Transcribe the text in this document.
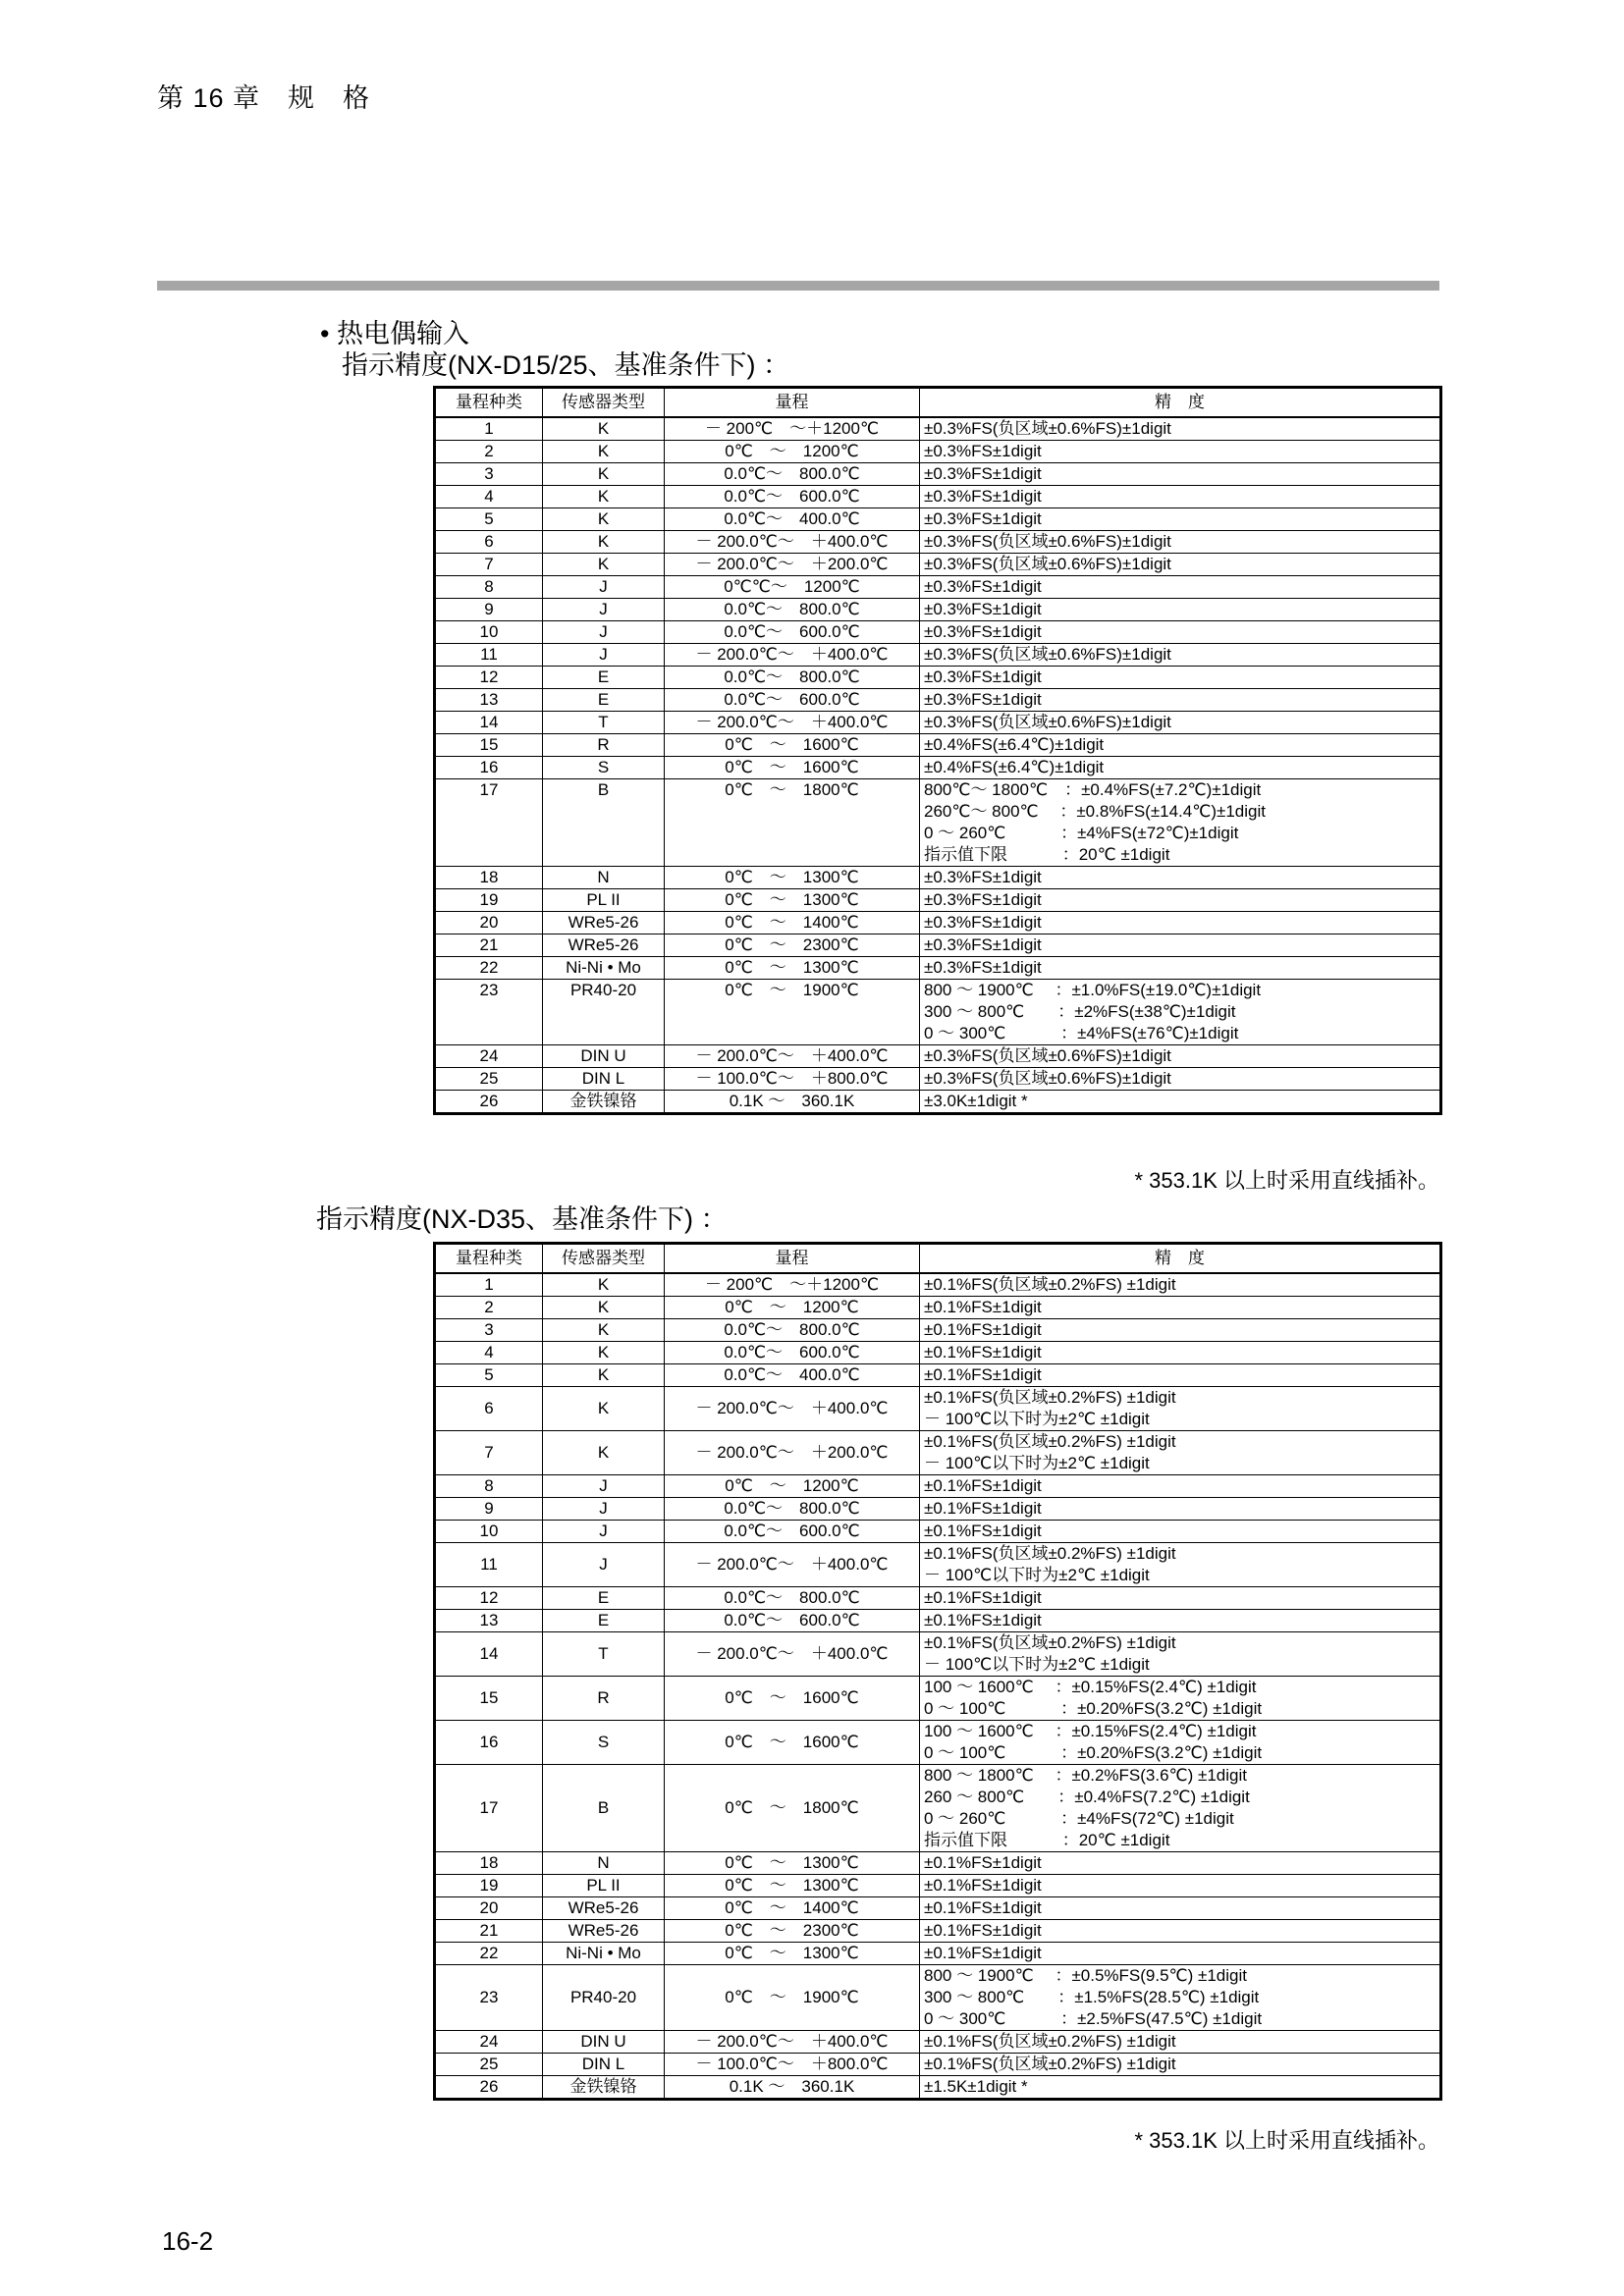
第 16 章　规　格
• 热电偶输入
指示精度(NX-D15/25、基准条件下) ：
量程种类	传感器类型	量程	精　度
1	K	－ 200℃　～＋1200℃	±0.3%FS(负区域±0.6%FS)±1digit

2	K	0℃　～　1200℃	±0.3%FS±1digit

3	K	0.0℃～　800.0℃	±0.3%FS±1digit

4	K	0.0℃～　600.0℃	±0.3%FS±1digit

5	K	0.0℃～　400.0℃	±0.3%FS±1digit

6	K	－ 200.0℃～　＋400.0℃	±0.3%FS(负区域±0.6%FS)±1digit

7	K	－ 200.0℃～　＋200.0℃	±0.3%FS(负区域±0.6%FS)±1digit

8	J	0℃℃～　1200℃	±0.3%FS±1digit

9	J	0.0℃～　800.0℃	±0.3%FS±1digit

10	J	0.0℃～　600.0℃	±0.3%FS±1digit

11	J	－ 200.0℃～　＋400.0℃	±0.3%FS(负区域±0.6%FS)±1digit

12	E	0.0℃～　800.0℃	±0.3%FS±1digit

13	E	0.0℃～　600.0℃	±0.3%FS±1digit

14	T	－ 200.0℃～　＋400.0℃	±0.3%FS(负区域±0.6%FS)±1digit

15	R	0℃　～　1600℃	±0.4%FS(±6.4℃)±1digit

16	S	0℃　～　1600℃	±0.4%FS(±6.4℃)±1digit

17	B	0℃　～　1800℃	800℃～ 1800℃　：±0.4%FS(±7.2℃)±1digit
260℃～ 800℃　 ：±0.8%FS(±14.4℃)±1digit
0 ～ 260℃　　　 ：±4%FS(±72℃)±1digit
指示值下限　　　 ：20℃ ±1digit

18	N	0℃　～　1300℃	±0.3%FS±1digit

19	PL II	0℃　～　1300℃	±0.3%FS±1digit

20	WRe5-26	0℃　～　1400℃	±0.3%FS±1digit

21	WRe5-26	0℃　～　2300℃	±0.3%FS±1digit

22	Ni-Ni • Mo	0℃　～　1300℃	±0.3%FS±1digit

23	PR40-20	0℃　～　1900℃	800 ～ 1900℃　 ：±1.0%FS(±19.0℃)±1digit
300 ～ 800℃　　：±2%FS(±38℃)±1digit
0 ～ 300℃　　　 ：±4%FS(±76℃)±1digit

24	DIN U	－ 200.0℃～　＋400.0℃	±0.3%FS(负区域±0.6%FS)±1digit

25	DIN L	－ 100.0℃～　＋800.0℃	±0.3%FS(负区域±0.6%FS)±1digit

26	金铁镍铬	0.1K ～　360.1K	±3.0K±1digit *
* 353.1K 以上时采用直线插补。
指示精度(NX-D35、基准条件下) ：
量程种类	传感器类型	量程	精　度
1	K	－ 200℃　～＋1200℃	±0.1%FS(负区域±0.2%FS) ±1digit

2	K	0℃　～　1200℃	±0.1%FS±1digit

3	K	0.0℃～　800.0℃	±0.1%FS±1digit

4	K	0.0℃～　600.0℃	±0.1%FS±1digit

5	K	0.0℃～　400.0℃	±0.1%FS±1digit

6	K	－ 200.0℃～　＋400.0℃	±0.1%FS(负区域±0.2%FS) ±1digit
－ 100℃以下时为±2℃ ±1digit

7	K	－ 200.0℃～　＋200.0℃	±0.1%FS(负区域±0.2%FS) ±1digit
－ 100℃以下时为±2℃ ±1digit

8	J	0℃　～　1200℃	±0.1%FS±1digit

9	J	0.0℃～　800.0℃	±0.1%FS±1digit

10	J	0.0℃～　600.0℃	±0.1%FS±1digit

11	J	－ 200.0℃～　＋400.0℃	±0.1%FS(负区域±0.2%FS) ±1digit
－ 100℃以下时为±2℃ ±1digit

12	E	0.0℃～　800.0℃	±0.1%FS±1digit

13	E	0.0℃～　600.0℃	±0.1%FS±1digit

14	T	－ 200.0℃～　＋400.0℃	±0.1%FS(负区域±0.2%FS) ±1digit
－ 100℃以下时为±2℃ ±1digit

15	R	0℃　～　1600℃	100 ～ 1600℃　 ：±0.15%FS(2.4℃) ±1digit
0 ～ 100℃　　　 ：±0.20%FS(3.2℃) ±1digit

16	S	0℃　～　1600℃	100 ～ 1600℃　 ：±0.15%FS(2.4℃) ±1digit
0 ～ 100℃　　　 ：±0.20%FS(3.2℃) ±1digit

17	B	0℃　～　1800℃	800 ～ 1800℃　 ：±0.2%FS(3.6℃) ±1digit
260 ～ 800℃　　：±0.4%FS(7.2℃) ±1digit
0 ～ 260℃　　　 ：±4%FS(72℃) ±1digit
指示值下限　　　 ：20℃ ±1digit

18	N	0℃　～　1300℃	±0.1%FS±1digit

19	PL II	0℃　～　1300℃	±0.1%FS±1digit

20	WRe5-26	0℃　～　1400℃	±0.1%FS±1digit

21	WRe5-26	0℃　～　2300℃	±0.1%FS±1digit

22	Ni-Ni • Mo	0℃　～　1300℃	±0.1%FS±1digit

23	PR40-20	0℃　～　1900℃	800 ～ 1900℃　 ：±0.5%FS(9.5℃) ±1digit
300 ～ 800℃　　：±1.5%FS(28.5℃) ±1digit
0 ～ 300℃　　　 ：±2.5%FS(47.5℃) ±1digit

24	DIN U	－ 200.0℃～　＋400.0℃	±0.1%FS(负区域±0.2%FS) ±1digit

25	DIN L	－ 100.0℃～　＋800.0℃	±0.1%FS(负区域±0.2%FS) ±1digit

26	金铁镍铬	0.1K ～　360.1K	±1.5K±1digit *
* 353.1K 以上时采用直线插补。
16-2
